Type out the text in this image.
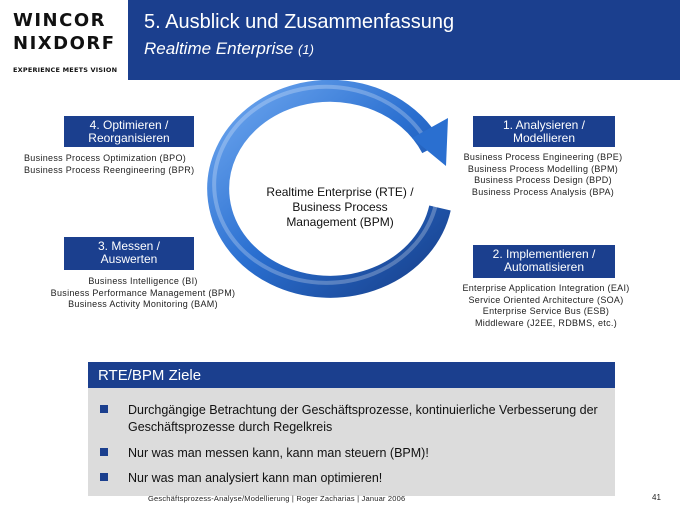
WINCOR
NIXDORF
EXPERIENCE MEETS VISION
5. Ausblick und Zusammenfassung
Realtime Enterprise (1)
Realtime Enterprise (RTE) /
Business Process
Management (BPM)
4. Optimieren /
Reorganisieren
Business Process Optimization (BPO)
Business Process Reengineering (BPR)
1. Analysieren /
Modellieren
Business Process Engineering (BPE)
Business Process Modelling (BPM)
Business Process Design (BPD)
Business Process Analysis (BPA)
3. Messen /
Auswerten
Business Intelligence (BI)
Business Performance Management (BPM)
Business Activity Monitoring (BAM)
2. Implementieren /
Automatisieren
Enterprise Application Integration (EAI)
Service Oriented Architecture (SOA)
Enterprise Service Bus (ESB)
Middleware (J2EE, RDBMS, etc.)
RTE/BPM Ziele
Durchgängige Betrachtung der Geschäftsprozesse, kontinuierliche Verbesserung der Geschäftsprozesse durch Regelkreis
Nur was man messen kann, kann man steuern (BPM)!
Nur was man analysiert kann man optimieren!
Geschäftsprozess-Analyse/Modellierung | Roger Zacharias | Januar 2006	41
